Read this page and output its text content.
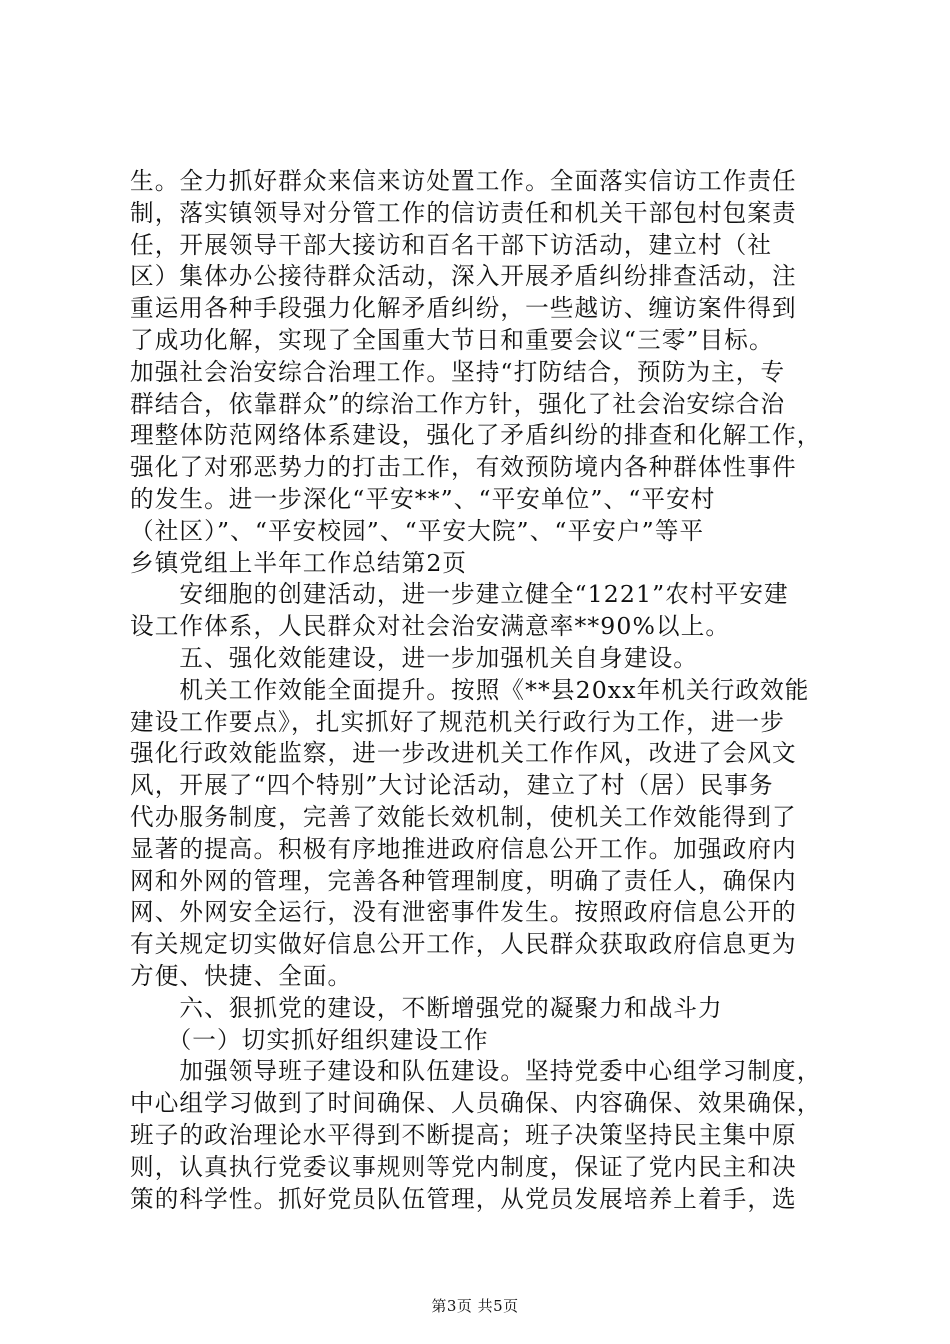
生。全力抓好群众来信来访处置工作。全面落实信访工作责任
制，落实镇领导对分管工作的信访责任和机关干部包村包案责
任，开展领导干部大接访和百名干部下访活动，建立村（社
区）集体办公接待群众活动，深入开展矛盾纠纷排查活动，注
重运用各种手段强力化解矛盾纠纷，一些越访、缠访案件得到
了成功化解，实现了全国重大节日和重要会议“三零”目标。
加强社会治安综合治理工作。坚持“打防结合，预防为主，专
群结合，依靠群众”的综治工作方针，强化了社会治安综合治
理整体防范网络体系建设，强化了矛盾纠纷的排查和化解工作，
强化了对邪恶势力的打击工作，有效预防境内各种群体性事件
的发生。进一步深化“平安**”、“平安单位”、“平安村
（社区）”、“平安校园”、“平安大院”、“平安户”等平
乡镇党组上半年工作总结第2页
　　安细胞的创建活动，进一步建立健全“1221”农村平安建
设工作体系，人民群众对社会治安满意率**90%以上。
　　五、强化效能建设，进一步加强机关自身建设。
　　机关工作效能全面提升。按照《**县20xx年机关行政效能
建设工作要点》，扎实抓好了规范机关行政行为工作，进一步
强化行政效能监察，进一步改进机关工作作风，改进了会风文
风，开展了“四个特别”大讨论活动，建立了村（居）民事务
代办服务制度，完善了效能长效机制，使机关工作效能得到了
显著的提高。积极有序地推进政府信息公开工作。加强政府内
网和外网的管理，完善各种管理制度，明确了责任人，确保内
网、外网安全运行，没有泄密事件发生。按照政府信息公开的
有关规定切实做好信息公开工作，人民群众获取政府信息更为
方便、快捷、全面。
　　六、狠抓党的建设，不断增强党的凝聚力和战斗力
　　（一）切实抓好组织建设工作
　　加强领导班子建设和队伍建设。坚持党委中心组学习制度，
中心组学习做到了时间确保、人员确保、内容确保、效果确保，
班子的政治理论水平得到不断提高；班子决策坚持民主集中原
则，认真执行党委议事规则等党内制度，保证了党内民主和决
策的科学性。抓好党员队伍管理，从党员发展培养上着手，选
第3页 共5页
